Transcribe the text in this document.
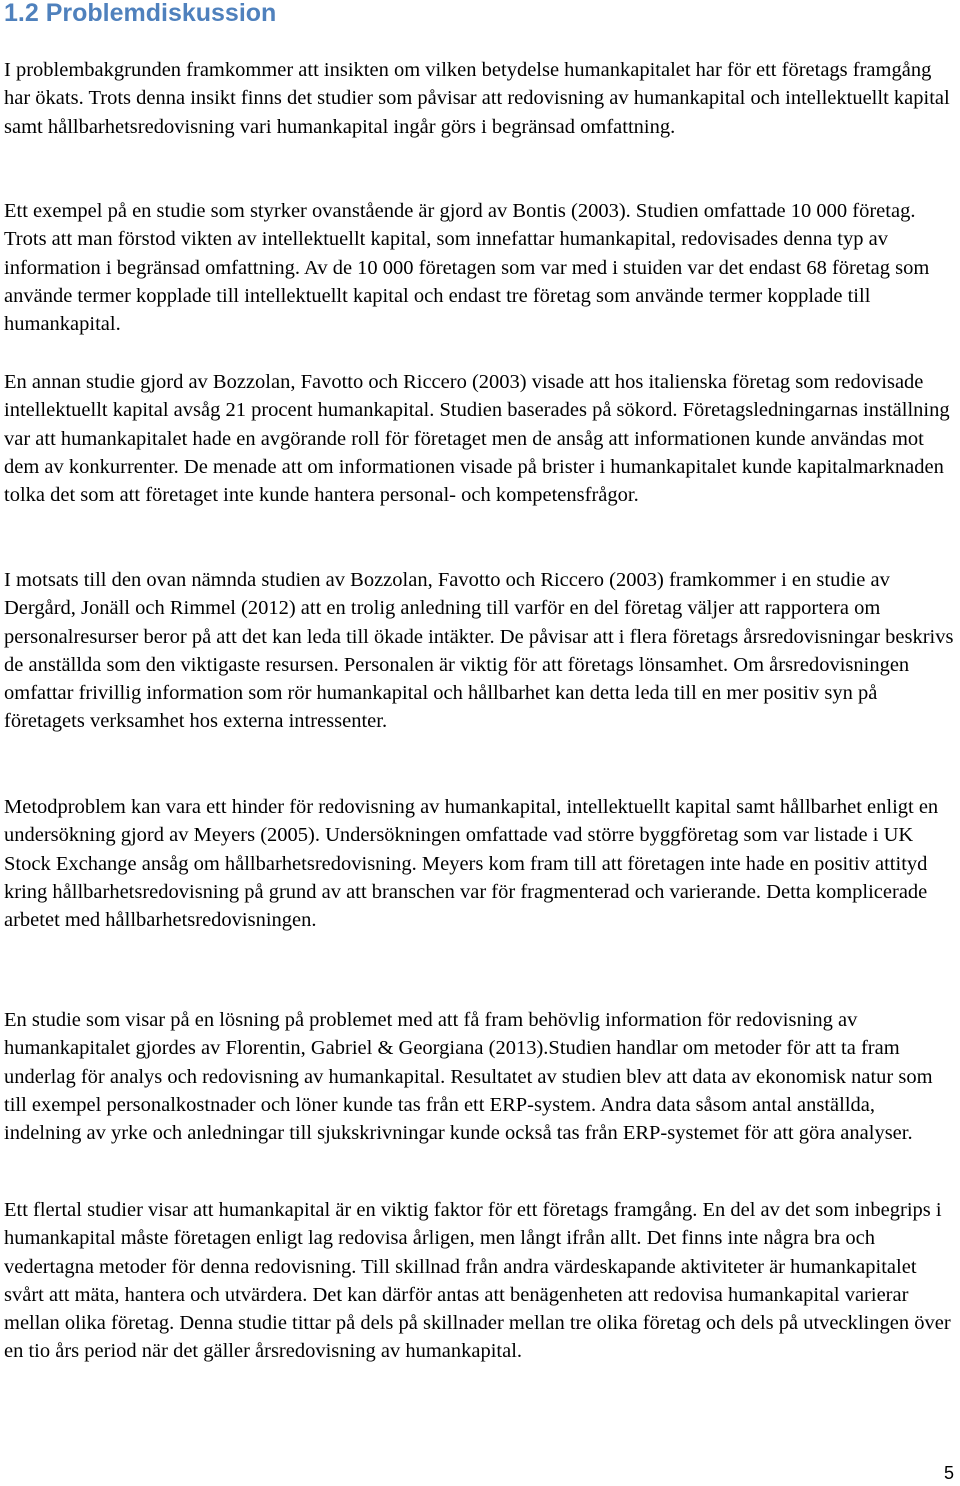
1.2 Problemdiskussion

I problembakgrunden framkommer att insikten om vilken betydelse humankapitalet har för ett företags framgång har ökats. Trots denna insikt finns det studier som påvisar att redovisning av humankapital och intellektuellt kapital samt hållbarhetsredovisning vari humankapital ingår görs i begränsad omfattning.

Ett exempel på en studie som styrker ovanstående är gjord av Bontis (2003). Studien omfattade 10 000 företag. Trots att man förstod vikten av intellektuellt kapital, som innefattar humankapital, redovisades denna typ av information i begränsad omfattning. Av de 10 000 företagen som var med i stuiden var det endast 68 företag som använde termer kopplade till intellektuellt kapital och endast tre företag som använde termer kopplade till humankapital.

En annan studie gjord av Bozzolan, Favotto och Riccero (2003) visade att hos italienska företag som redovisade intellektuellt kapital avsåg 21 procent humankapital. Studien baserades på sökord. Företagsledningarnas inställning var att humankapitalet hade en avgörande roll för företaget men de ansåg att informationen kunde användas mot dem av konkurrenter. De menade att om informationen visade på brister i humankapitalet kunde kapitalmarknaden tolka det som att företaget inte kunde hantera personal- och kompetensfrågor.

I motsats till den ovan nämnda studien av Bozzolan, Favotto och Riccero (2003) framkommer i en studie av Dergård, Jonäll och Rimmel (2012) att en trolig anledning till varför en del företag väljer att rapportera om personalresurser beror på att det kan leda till ökade intäkter. De påvisar att i flera företags årsredovisningar beskrivs de anställda som den viktigaste resursen. Personalen är viktig för att företags lönsamhet. Om årsredovisningen omfattar frivillig information som rör humankapital och hållbarhet kan detta leda till en mer positiv syn på företagets verksamhet hos externa intressenter.

Metodproblem kan vara ett hinder för redovisning av humankapital, intellektuellt kapital samt hållbarhet enligt en undersökning gjord av Meyers (2005). Undersökningen omfattade vad större byggföretag som var listade i UK Stock Exchange ansåg om hållbarhetsredovisning. Meyers kom fram till att företagen inte hade en positiv attityd kring hållbarhetsredovisning på grund av att branschen var för fragmenterad och varierande. Detta komplicerade arbetet med hållbarhetsredovisningen.

En studie som visar på en lösning på problemet med att få fram behövlig information för redovisning av humankapitalet gjordes av Florentin, Gabriel & Georgiana (2013).Studien handlar om metoder för att ta fram underlag för analys och redovisning av humankapital. Resultatet av studien blev att data av ekonomisk natur som till exempel personalkostnader och löner kunde tas från ett ERP-system. Andra data såsom antal anställda, indelning av yrke och anledningar till sjukskrivningar kunde också tas från ERP-systemet för att göra analyser.

Ett flertal studier visar att humankapital är en viktig faktor för ett företags framgång. En del av det som inbegrips i humankapital måste företagen enligt lag redovisa årligen, men långt ifrån allt. Det finns inte några bra och vedertagna metoder för denna redovisning. Till skillnad från andra värdeskapande aktiviteter är humankapitalet svårt att mäta, hantera och utvärdera. Det kan därför antas att benägenheten att redovisa humankapital varierar mellan olika företag. Denna studie tittar på dels på skillnader mellan tre olika företag och dels på utvecklingen över en tio års period när det gäller årsredovisning av humankapital.

5
